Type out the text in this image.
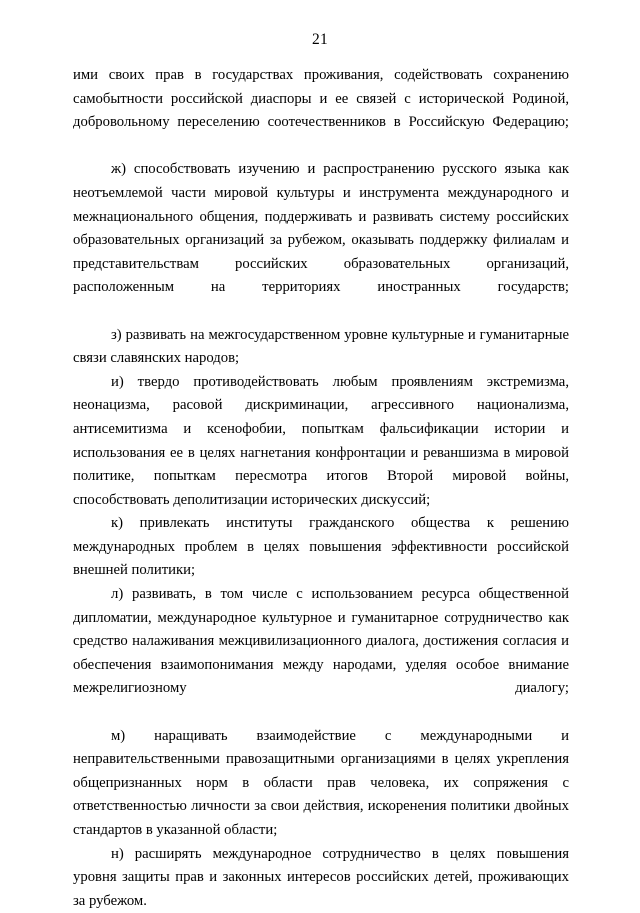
21

ими своих прав в государствах проживания, содействовать сохранению самобытности российской диаспоры и ее связей с исторической Родиной, добровольному переселению соотечественников в Российскую Федерацию;

ж) способствовать изучению и распространению русского языка как неотъемлемой части мировой культуры и инструмента международного и межнационального общения, поддерживать и развивать систему российских образовательных организаций за рубежом, оказывать поддержку филиалам и представительствам российских образовательных организаций, расположенным на территориях иностранных государств;

з) развивать на межгосударственном уровне культурные и гуманитарные связи славянских народов;

и) твердо противодействовать любым проявлениям экстремизма, неонацизма, расовой дискриминации, агрессивного национализма, антисемитизма и ксенофобии, попыткам фальсификации истории и использования ее в целях нагнетания конфронтации и реваншизма в мировой политике, попыткам пересмотра итогов Второй мировой войны, способствовать деполитизации исторических дискуссий;

к) привлекать институты гражданского общества к решению международных проблем в целях повышения эффективности российской внешней политики;

л) развивать, в том числе с использованием ресурса общественной дипломатии, международное культурное и гуманитарное сотрудничество как средство налаживания межцивилизационного диалога, достижения согласия и обеспечения взаимопонимания между народами, уделяя особое внимание межрелигиозному диалогу;

м) наращивать взаимодействие с международными и неправительственными правозащитными организациями в целях укрепления общепризнанных норм в области прав человека, их сопряжения с ответственностью личности за свои действия, искоренения политики двойных стандартов в указанной области;

н) расширять международное сотрудничество в целях повышения уровня защиты прав и законных интересов российских детей, проживающих за рубежом.
